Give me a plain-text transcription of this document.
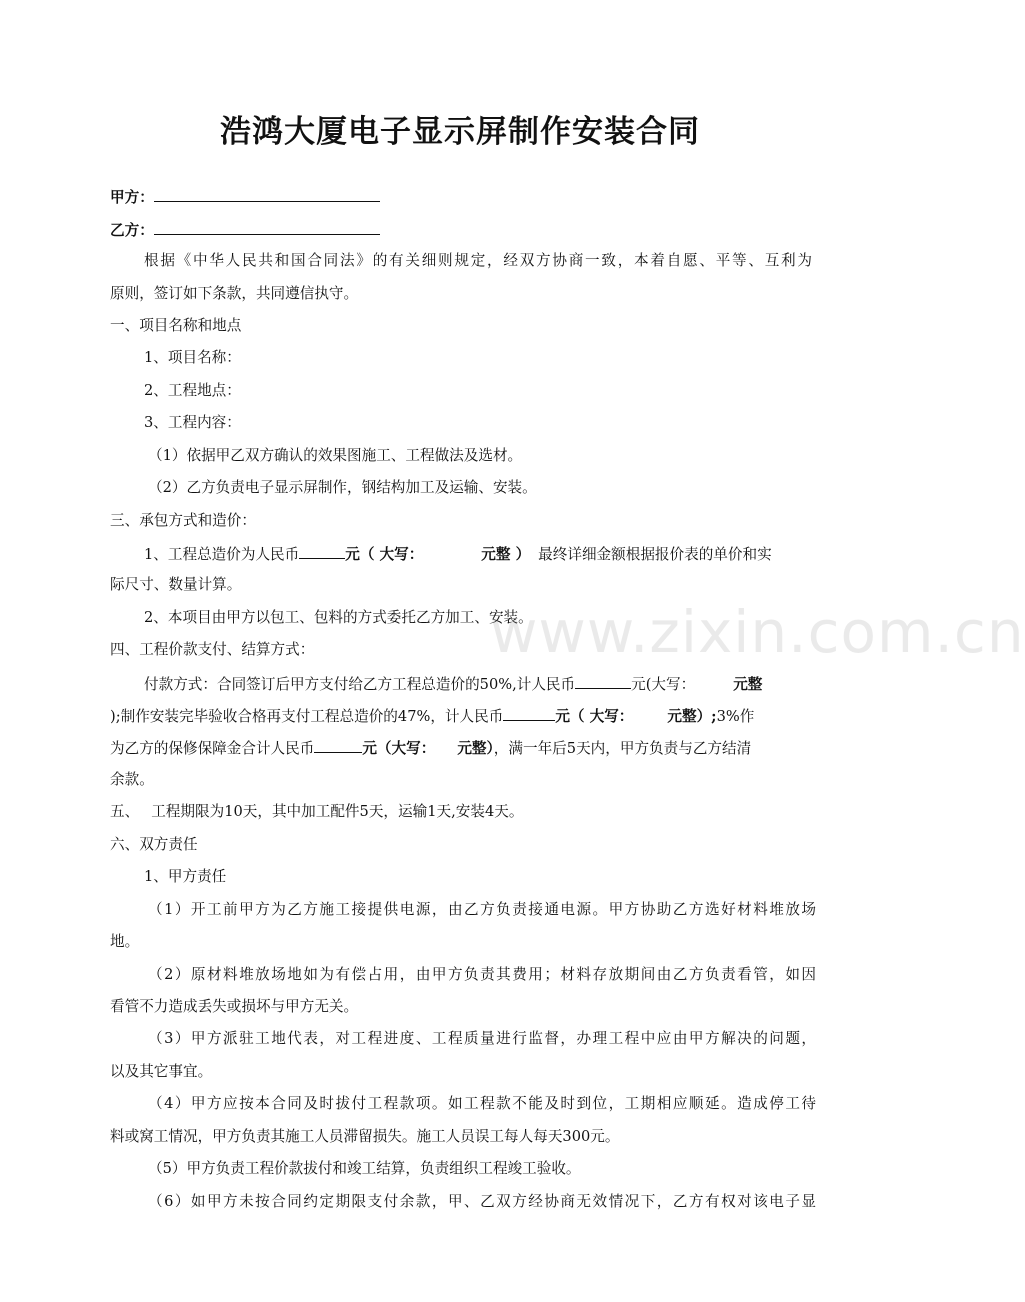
浩鸿大厦电子显示屏制作安装合同
甲方：
乙方：
根据《中华人民共和国合同法》的有关细则规定，经双方协商一致，本着自愿、平等、互利为
原则，签订如下条款，共同遵信执守。
一、项目名称和地点
1、项目名称：
2、工程地点：
3、工程内容：
（1）依据甲乙双方确认的效果图施工、工程做法及选材。
（2）乙方负责电子显示屏制作，钢结构加工及运输、安装。
三、承包方式和造价：
1、工程总造价为人民币	元（ 大写：	元整 ） 最终详细金额根据报价表的单价和实
际尺寸、数量计算。
2、本项目由甲方以包工、包料的方式委托乙方加工、安装。
四、工程价款支付、结算方式：
付款方式：合同签订后甲方支付给乙方工程总造价的50%,计人民币	元(大写：	元整
);制作安装完毕验收合格再支付工程总造价的47%，计人民币	元（ 大写： 元整）;3%作
为乙方的保修保障金合计人民币	元（大写： 元整），满一年后5天内，甲方负责与乙方结清
余款。
五、 工程期限为10天，其中加工配件5天，运输1天,安装4天。
六、双方责任
1、甲方责任
（1）开工前甲方为乙方施工接提供电源，由乙方负责接通电源。甲方协助乙方选好材料堆放场
地。
（2）原材料堆放场地如为有偿占用，由甲方负责其费用；材料存放期间由乙方负责看管，如因
看管不力造成丢失或损坏与甲方无关。
（3）甲方派驻工地代表，对工程进度、工程质量进行监督，办理工程中应由甲方解决的问题，
以及其它事宜。
（4）甲方应按本合同及时拔付工程款项。如工程款不能及时到位，工期相应顺延。造成停工待
料或窝工情况，甲方负责其施工人员滞留损失。施工人员误工每人每天300元。
（5）甲方负责工程价款拔付和竣工结算，负责组织工程竣工验收。
（6）如甲方未按合同约定期限支付余款，甲、乙双方经协商无效情况下，乙方有权对该电子显
www.zixin.com.cn
